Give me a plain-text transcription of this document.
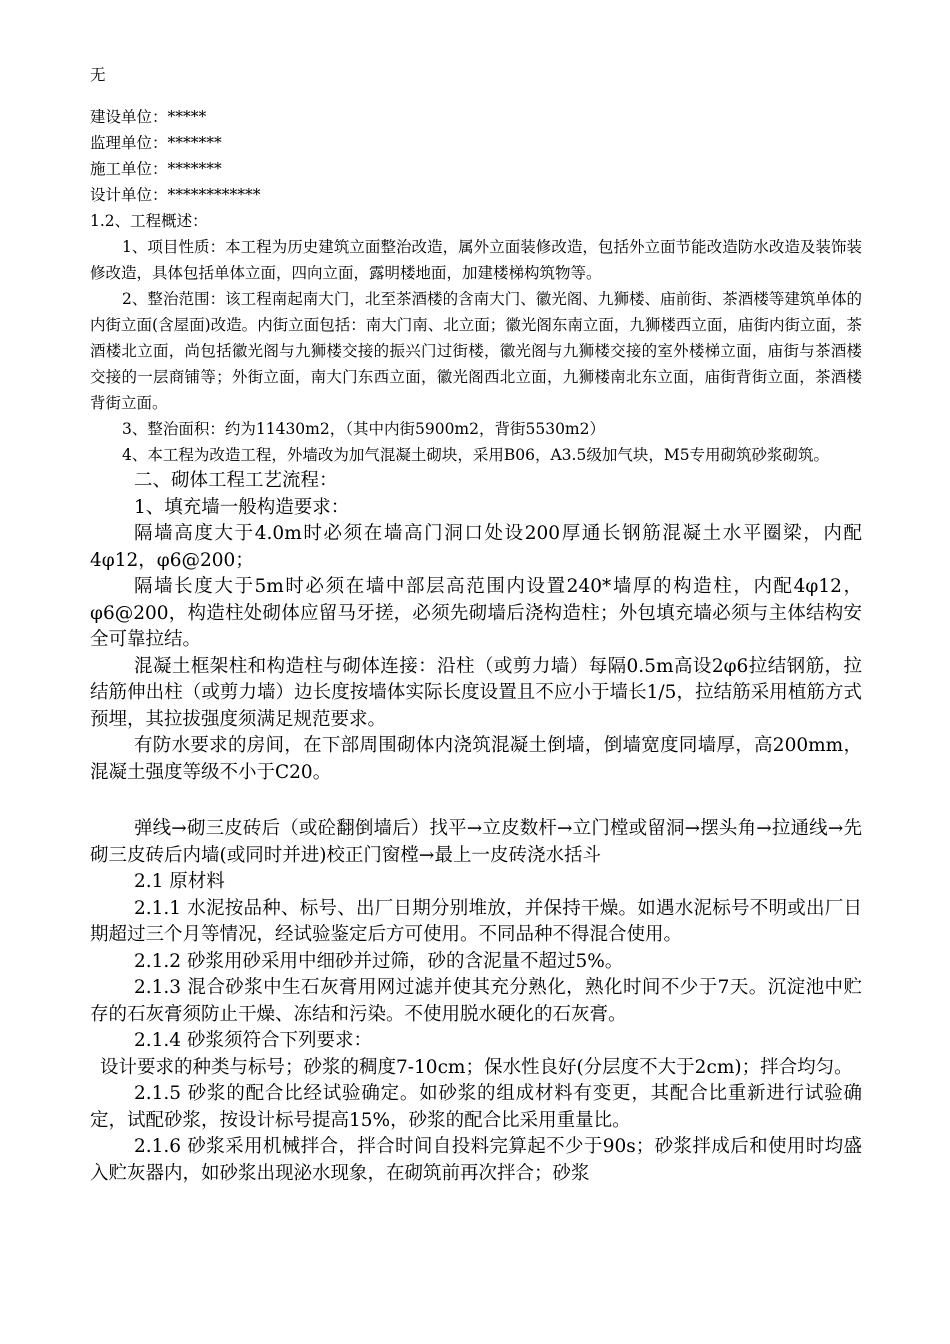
无

建设单位：*****

监理单位：*******

施工单位：*******

设计单位：************

1.2、工程概述：

1、项目性质：本工程为历史建筑立面整治改造，属外立面装修改造，包括外立面节能改造防水改造及装饰装修改造，具体包括单体立面，四向立面，露明楼地面，加建楼梯构筑物等。

2、整治范围：该工程南起南大门，北至茶酒楼的含南大门、徽光阁、九狮楼、庙前街、茶酒楼等建筑单体的内街立面(含屋面)改造。内街立面包括：南大门南、北立面；徽光阁东南立面，九狮楼西立面，庙街内街立面，茶酒楼北立面，尚包括徽光阁与九狮楼交接的振兴门过街楼，徽光阁与九狮楼交接的室外楼梯立面，庙街与茶酒楼交接的一层商铺等；外街立面，南大门东西立面，徽光阁西北立面，九狮楼南北东立面，庙街背街立面，茶酒楼背街立面。

3、整治面积：约为11430m2，（其中内街5900m2，背街5530m2）

4、本工程为改造工程，外墙改为加气混凝土砌块，采用B06，A3.5级加气块，M5专用砌筑砂浆砌筑。

二、砌体工程工艺流程：

1、填充墙一般构造要求：

隔墙高度大于4.0m时必须在墙高门洞口处设200厚通长钢筋混凝土水平圈梁，内配4φ12，φ6@200；

隔墙长度大于5m时必须在墙中部层高范围内设置240*墙厚的构造柱，内配4φ12，φ6@200，构造柱处砌体应留马牙搓，必须先砌墙后浇构造柱；外包填充墙必须与主体结构安全可靠拉结。

混凝土框架柱和构造柱与砌体连接：沿柱（或剪力墙）每隔0.5m高设2φ6拉结钢筋，拉结筋伸出柱（或剪力墙）边长度按墙体实际长度设置且不应小于墙长1/5，拉结筋采用植筋方式预埋，其拉拔强度须满足规范要求。

有防水要求的房间，在下部周围砌体内浇筑混凝土倒墙，倒墙宽度同墙厚，高200mm，混凝土强度等级不小于C20。

弹线→砌三皮砖后（或砼翻倒墙后）找平→立皮数杆→立门樘或留洞→摆头角→拉通线→先砌三皮砖后内墙(或同时并进)校正门窗樘→最上一皮砖浇水括斗

2.1 原材料

2.1.1 水泥按品种、标号、出厂日期分别堆放，并保持干燥。如遇水泥标号不明或出厂日期超过三个月等情况，经试验鉴定后方可使用。不同品种不得混合使用。

2.1.2 砂浆用砂采用中细砂并过筛，砂的含泥量不超过5%。

2.1.3 混合砂浆中生石灰膏用网过滤并使其充分熟化，熟化时间不少于7天。沉淀池中贮存的石灰膏须防止干燥、冻结和污染。不使用脱水硬化的石灰膏。

2.1.4 砂浆须符合下列要求：

设计要求的种类与标号；砂浆的稠度7-10cm；保水性良好(分层度不大于2cm)；拌合均匀。

2.1.5 砂浆的配合比经试验确定。如砂浆的组成材料有变更，其配合比重新进行试验确定，试配砂浆，按设计标号提高15%，砂浆的配合比采用重量比。

2.1.6 砂浆采用机械拌合，拌合时间自投料完算起不少于90s；砂浆拌成后和使用时均盛入贮灰器内，如砂浆出现泌水现象，在砌筑前再次拌合；砂浆
